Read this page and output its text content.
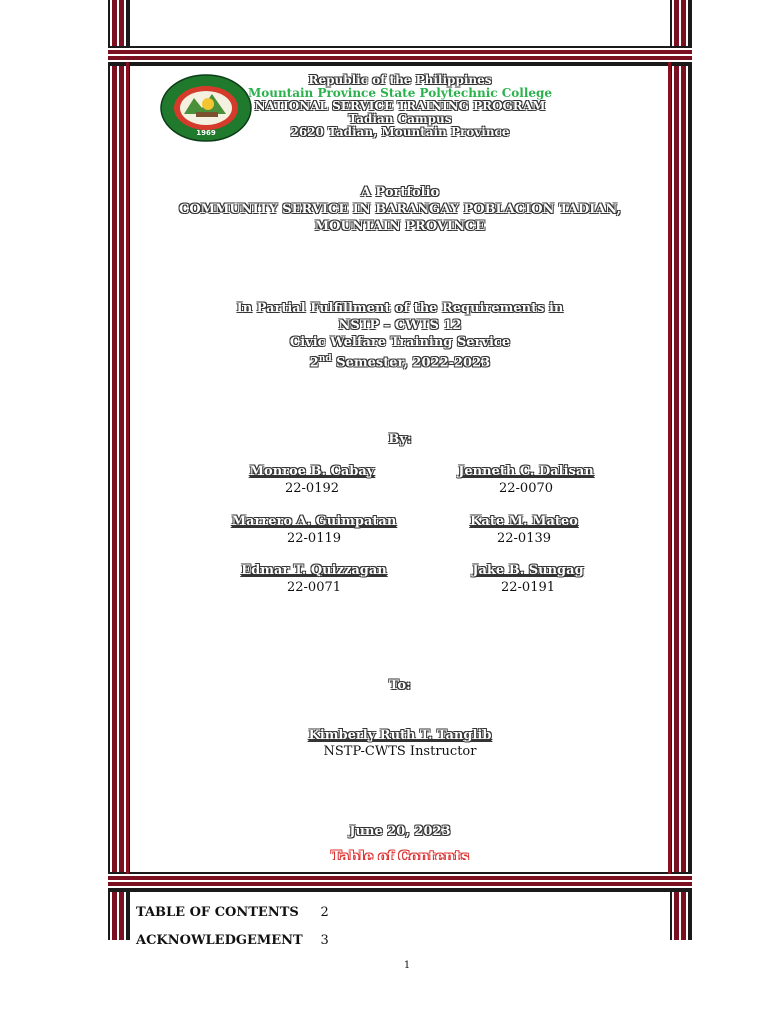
1969
Republic of the Philippines
Mountain Province State Polytechnic College
NATIONAL SERVICE TRAINING PROGRAM
Tadian Campus
2620 Tadian, Mountain Province
A Portfolio
COMMUNITY SERVICE IN BARANGAY POBLACION TADIAN,
MOUNTAIN PROVINCE
In Partial Fulfillment of the Requirements in
NSTP – CWTS 12
Civic Welfare Training Service
2nd Semester, 2022-2023
By:
Monroe B. Cabay
22-0192
Jenneth C. Dalisan
22-0070
Marrero A. Guimpatan
22-0119
Kate M. Mateo
22-0139
Edmar T. Quizzagan
22-0071
Jake B. Sungag
22-0191
To:
Kimberly Ruth T. Tanglib
NSTP-CWTS Instructor
June 20, 2023
Table of Contents
TABLE OF CONTENTS 2
ACKNOWLEDGEMENT 3
1
